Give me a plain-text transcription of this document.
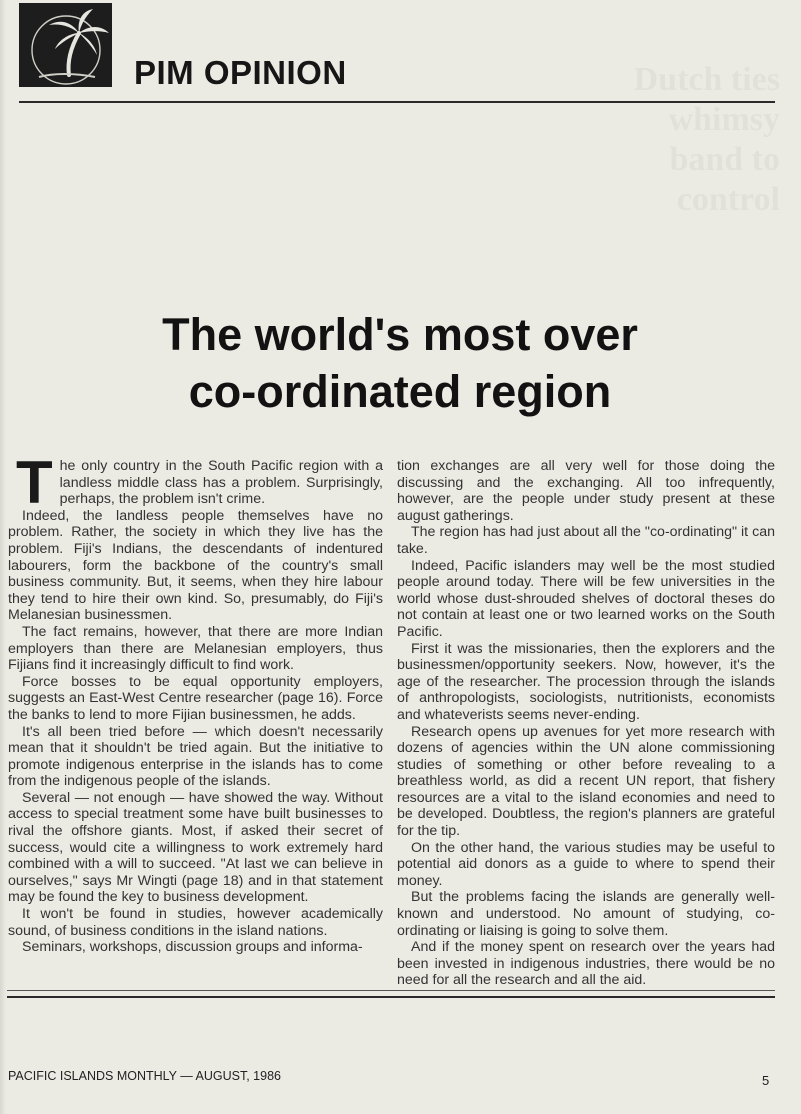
PIM OPINION

The world's most over
co-ordinated region

The only country in the South Pacific region with a landless middle class has a problem. Surprisingly, perhaps, the problem isn't crime.

Indeed, the landless people themselves have no problem. Rather, the society in which they live has the problem. Fiji's Indians, the descendants of indentured labourers, form the backbone of the country's small business community. But, it seems, when they hire labour they tend to hire their own kind. So, presumably, do Fiji's Melanesian businessmen.

The fact remains, however, that there are more Indian employers than there are Melanesian employers, thus Fijians find it increasingly difficult to find work.

Force bosses to be equal opportunity employers, suggests an East-West Centre researcher (page 16). Force the banks to lend to more Fijian businessmen, he adds.

It's all been tried before — which doesn't necessarily mean that it shouldn't be tried again. But the initiative to promote indigenous enterprise in the islands has to come from the indigenous people of the islands.

Several — not enough — have showed the way. Without access to special treatment some have built businesses to rival the offshore giants. Most, if asked their secret of success, would cite a willingness to work extremely hard combined with a will to succeed. "At last we can believe in ourselves," says Mr Wingti (page 18) and in that statement may be found the key to business development.

It won't be found in studies, however academically sound, of business conditions in the island nations.

Seminars, workshops, discussion groups and informa-

tion exchanges are all very well for those doing the discussing and the exchanging. All too infrequently, however, are the people under study present at these august gatherings.

The region has had just about all the "co-ordinating" it can take.

Indeed, Pacific islanders may well be the most studied people around today. There will be few universities in the world whose dust-shrouded shelves of doctoral theses do not contain at least one or two learned works on the South Pacific.

First it was the missionaries, then the explorers and the businessmen/opportunity seekers. Now, however, it's the age of the researcher. The procession through the islands of anthropologists, sociologists, nutritionists, economists and whateverists seems never-ending.

Research opens up avenues for yet more research with dozens of agencies within the UN alone commissioning studies of something or other before revealing to a breathless world, as did a recent UN report, that fishery resources are a vital to the island economies and need to be developed. Doubtless, the region's planners are grateful for the tip.

On the other hand, the various studies may be useful to potential aid donors as a guide to where to spend their money.

But the problems facing the islands are generally well-known and understood. No amount of studying, co-ordinating or liaising is going to solve them.

And if the money spent on research over the years had been invested in indigenous industries, there would be no need for all the research and all the aid.

PACIFIC ISLANDS MONTHLY — AUGUST, 1986	5
